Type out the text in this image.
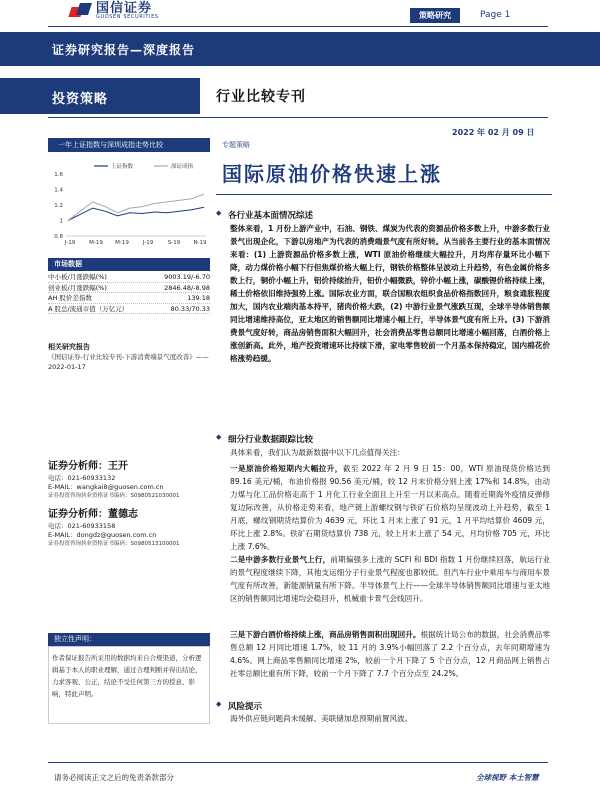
国信证券
GUOSEN SECURITIES	策略研究	Page 1
证券研究报告—深度报告
投资策略	行业比较专刊
一年上证指数与深圳成指走势比较
1.6
1.4
1.2
1
0.8
J-19	M-19 M-19	J-19	S-19 N-19
上证指数	深证成指
市场数据
中小板/月涨跌幅(%)	9003.19/-6.70
创业板/月涨跌幅(%)	2846.48/-8.98
AH 股价差指数	139.18
A 股总/流通市值（万亿元）	80.33/70.33
相关研究报告
《国信证券-行业比较专刊-下游消费端景气度改善》——2022-01-17
证券分析师：王开
电话：021-60933132
E-MAIL：wangkai8@guosen.com.cn
证券投资咨询执业资格证书编码：S0980521030001
证券分析师：董德志
电话：021-60933158
E-MAIL：dongdz@guosen.com.cn
证券投资咨询执业资格证书编码：S0980513100001
独立性声明：
作者保证报告所采用的数据均来自合规渠道，分析逻辑基于本人的职业理解，通过合理判断并得出结论，力求客观、公正，结论不受任何第三方的授意、影响，特此声明。
2022 年 02 月 09 日
专题策略
国际原油价格快速上涨
◆ 各行业基本面情况综述
整体来看，1 月份上游产业中，石油、钢铁、煤炭为代表的资源品价格多数上升，中游多数行业景气出现企化，下游以房地产为代表的消费端景气度有所好转。从当前各主要行业的基本面情况来看：(1) 上游资源品价格多数上涨，WTI 原油价格继续大幅拉升，月均库存量环比小幅下降，动力煤价格小幅下行但焦煤价格大幅上行，钢铁价格整体呈波动上升趋势，有色金属价格多数上行，铜价小幅上升，铝价持续抬升，铅价小幅微跌，锌价小幅上涨，碳酸锂价格持续上涨，稀土价格依旧维持强势上涨。国际农业方面，联合国粮农组织食品价格指数回升，粮食通胀程度加大，国内农业端肉基本持平，猪肉价格大跌，(2) 中游行业景气涨跌互现，全球半导体销售额同比增速维持高位，亚太地区的销售额同比增速小幅上行，半导体景气度有所上升。(3) 下游消费景气度好转，商品房销售面积大幅回升，社会消费品零售总额同比增速小幅回落，白酒价格上涨创新高。此外，地产投资增速环比持续下滑，家电零售较前一个月基本保持稳定，国内棉花价格涨势趋缓。
◆ 细分行业数据跟踪比较
具体来看，我们认为最新数据中以下几点值得关注：
一是原油价格短期内大幅拉升，截至 2022 年 2 月 9 日 15：00，WTI 原油现货价格达到 89.16 美元/桶，布油价格报 90.56 美元/桶，较 12 月末价格分别上涨 17%和 14.8%，由动力煤与化工品价格走高于 1 月化工行业全面且上升至一月以来高点。随着近期海外疫情反弹修复边际改善，从价格走势来看，地产链上游螺纹钢与铁矿石价格均呈现波动上升趋势，截至 1 月底，螺纹钢期货结算价为 4639 元，环比 1 月末上涨了 91 元，1 月平均结算价 4609 元，环比上涨 2.8%。铁矿石期货结算价 738 元，较上月末上涨了 54 元，月均价格 705 元，环比上涨 7.6%。
二是中游多数行业景气上行，前期偏强多上涨的 SCFI 和 BDI 指数 1 月份继续回落，航运行业的景气程度继续下降，其他支运细分子行业景气程度也都较低。但汽车行业中乘用车与商用车景气度有所改善，新能源销量有所下降。半导体景气上行——全球半导体销售额同比增速与亚太地区的销售额同比增速均会稳回升，机械重卡景气会线回升。
三是下游白酒价格持续上涨，商品房销售面积出现回升。根据统计局公布的数据，社会消费品零售总额 12 月同比增速 1.7%，较 11 月的 3.9%小幅回落了 2.2 个百分点，去年同期增速为 4.6%。网上商品零售额同比增速 2%，较前一个月下降了 5 个百分点，12 月商品网上销售占社零总额比重有所下降，较前一个月下降了 7.7 个百分点至 24.2%。
◆ 风险提示
海外供应链问题尚未缓解、美联储加息预期前置风波。
请务必阅读正文之后的免责条款部分	全球视野 本土智慧
